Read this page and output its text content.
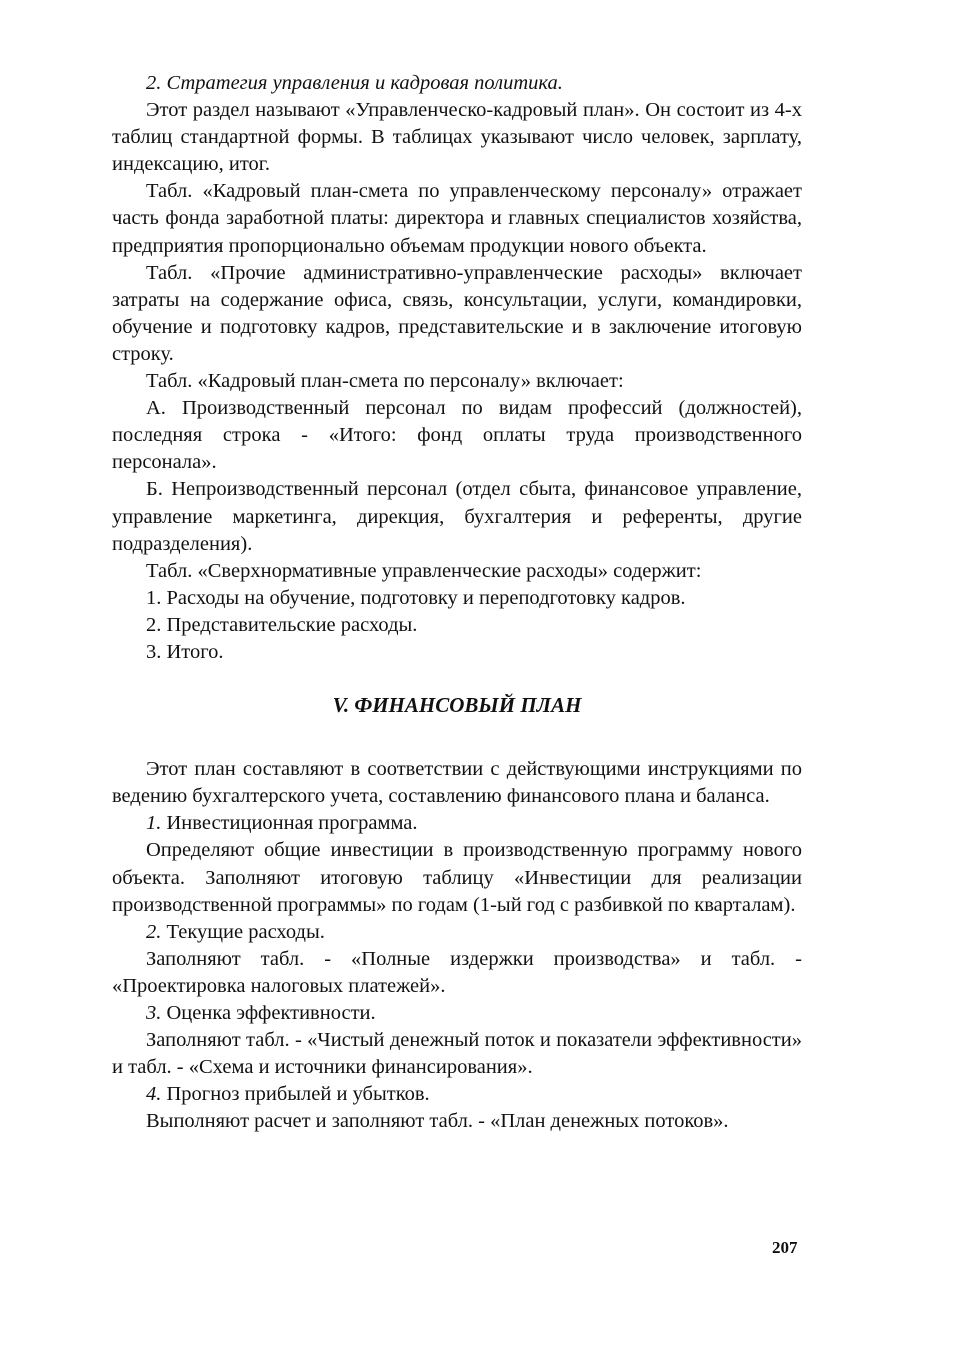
2. Стратегия управления и кадровая политика.

Этот раздел называют «Управленческо-кадровый план». Он состоит из 4-х таблиц стандартной формы. В таблицах указывают число человек, зарплату, индексацию, итог.

Табл. «Кадровый план-смета по управленческому персоналу» отражает часть фонда заработной платы: директора и главных специалистов хозяйства, предприятия пропорционально объемам продукции нового объекта.

Табл. «Прочие административно-управленческие расходы» включает затраты на содержание офиса, связь, консультации, услуги, командировки, обучение и подготовку кадров, представительские и в заключение итоговую строку.

Табл. «Кадровый план-смета по персоналу» включает:

А. Производственный персонал по видам профессий (должностей), последняя строка - «Итого: фонд оплаты труда производственного персонала».

Б. Непроизводственный персонал (отдел сбыта, финансовое управление, управление маркетинга, дирекция, бухгалтерия и референты, другие подразделения).

Табл. «Сверхнормативные управленческие расходы» содержит:

1. Расходы на обучение, подготовку и переподготовку кадров.

2. Представительские расходы.

3. Итого.

V. ФИНАНСОВЫЙ ПЛАН

Этот план составляют в соответствии с действующими инструкциями по ведению бухгалтерского учета, составлению финансового плана и баланса.

1. Инвестиционная программа.

Определяют общие инвестиции в производственную программу нового объекта. Заполняют итоговую таблицу «Инвестиции для реализации производственной программы» по годам (1-ый год с разбивкой по кварталам).

2. Текущие расходы.

Заполняют табл. - «Полные издержки производства» и табл. - «Проектировка налоговых платежей».

3. Оценка эффективности.

Заполняют табл. - «Чистый денежный поток и показатели эффективности» и табл. - «Схема и источники финансирования».

4. Прогноз прибылей и убытков.

Выполняют расчет и заполняют табл. - «План денежных потоков».

207
